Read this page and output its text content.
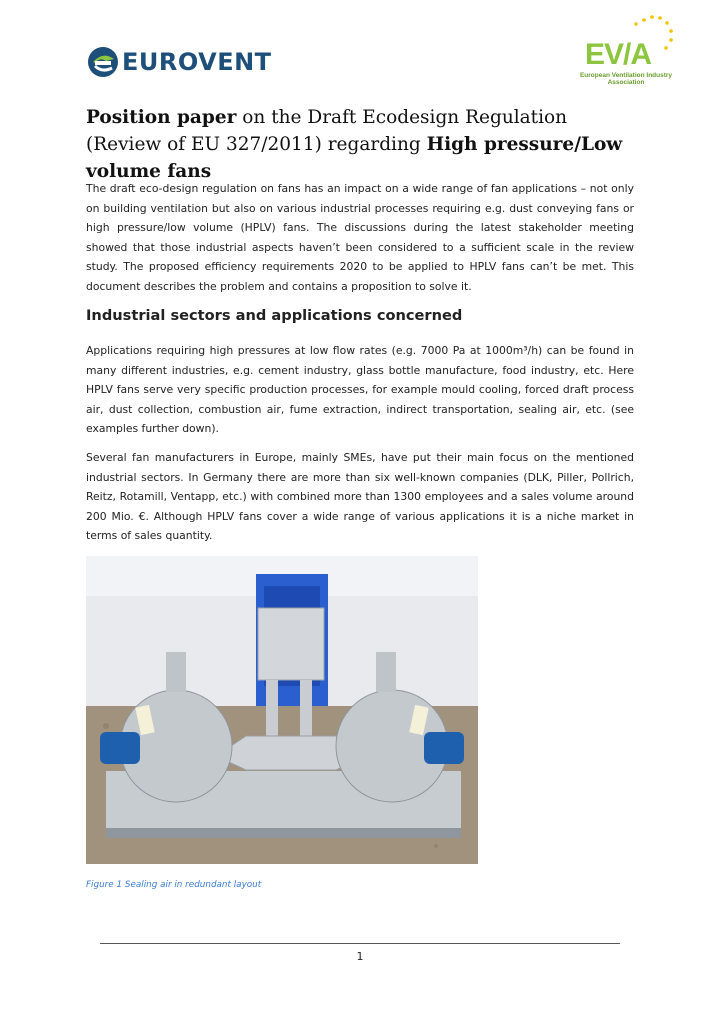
EUROVENT	EV/A
European Ventilation Industry Association
Position paper on the Draft Ecodesign Regulation (Review of EU 327/2011) regarding High pressure/Low volume fans

The draft eco-design regulation on fans has an impact on a wide range of fan applications – not only on building ventilation but also on various industrial processes requiring e.g. dust conveying fans or high pressure/low volume (HPLV) fans. The discussions during the latest stakeholder meeting showed that those industrial aspects haven’t been considered to a sufficient scale in the review study. The proposed efficiency requirements 2020 to be applied to HPLV fans can’t be met. This document describes the problem and contains a proposition to solve it.

Industrial sectors and applications concerned

Applications requiring high pressures at low flow rates (e.g. 7000 Pa at 1000m³/h) can be found in many different industries, e.g. cement industry, glass bottle manufacture, food industry, etc. Here HPLV fans serve very specific production processes, for example mould cooling, forced draft process air, dust collection, combustion air, fume extraction, indirect transportation, sealing air, etc. (see examples further down).

Several fan manufacturers in Europe, mainly SMEs, have put their main focus on the mentioned industrial sectors. In Germany there are more than six well-known companies (DLK, Piller, Pollrich, Reitz, Rotamill, Ventapp, etc.) with combined more than 1300 employees and a sales volume around 200 Mio. €. Although HPLV fans cover a wide range of various applications it is a niche market in terms of sales quantity.

Figure 1 Sealing air in redundant layout
1
